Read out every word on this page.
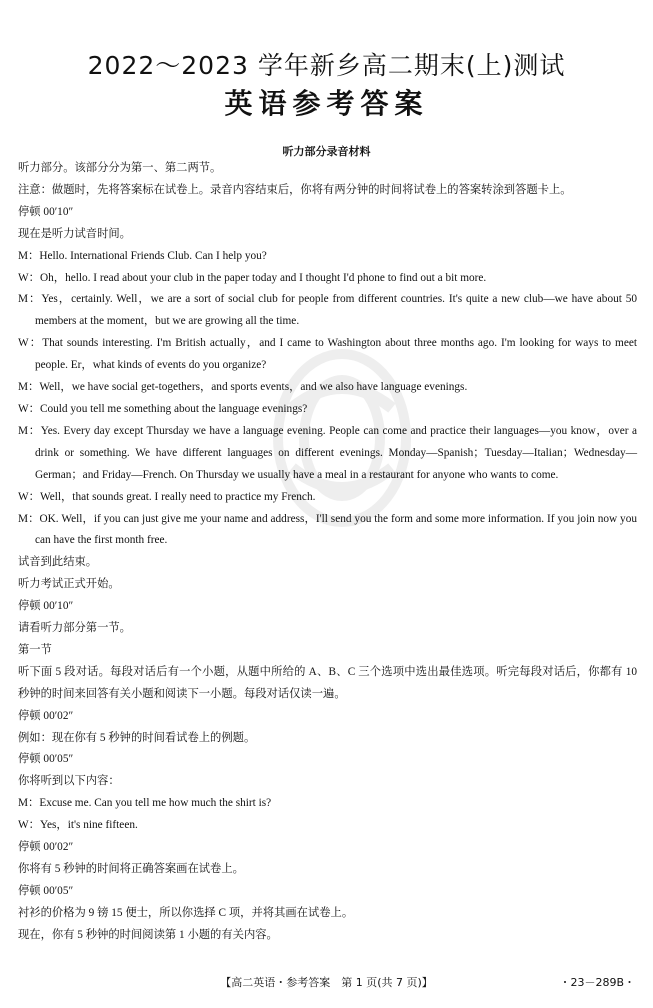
2022～2023 学年新乡高二期末(上)测试
英语参考答案
听力部分录音材料

听力部分。该部分分为第一、第二两节。

注意：做题时，先将答案标在试卷上。录音内容结束后，你将有两分钟的时间将试卷上的答案转涂到答题卡上。

停顿 00′10″

现在是听力试音时间。

M：Hello. International Friends Club. Can I help you?

W：Oh，hello. I read about your club in the paper today and I thought I'd phone to find out a bit more.

M：Yes，certainly. Well，we are a sort of social club for people from different countries. It's quite a new club—we have about 50 members at the moment，but we are growing all the time.

W：That sounds interesting. I'm British actually，and I came to Washington about three months ago. I'm looking for ways to meet people. Er，what kinds of events do you organize?

M：Well，we have social get-togethers，and sports events，and we also have language evenings.

W：Could you tell me something about the language evenings?

M：Yes. Every day except Thursday we have a language evening. People can come and practice their languages—you know，over a drink or something. We have different languages on different evenings. Monday—Spanish；Tuesday—Italian；Wednesday—German；and Friday—French. On Thursday we usually have a meal in a restaurant for anyone who wants to come.

W：Well，that sounds great. I really need to practice my French.

M：OK. Well，if you can just give me your name and address，I'll send you the form and some more information. If you join now you can have the first month free.

试音到此结束。

听力考试正式开始。

停顿 00′10″

请看听力部分第一节。

第一节

听下面 5 段对话。每段对话后有一个小题，从题中所给的 A、B、C 三个选项中选出最佳选项。听完每段对话后，你都有 10 秒钟的时间来回答有关小题和阅读下一小题。每段对话仅读一遍。

停顿 00′02″

例如：现在你有 5 秒钟的时间看试卷上的例题。

停顿 00′05″

你将听到以下内容：

M：Excuse me. Can you tell me how much the shirt is?

W：Yes，it's nine fifteen.

停顿 00′02″

你将有 5 秒钟的时间将正确答案画在试卷上。

停顿 00′05″

衬衫的价格为 9 镑 15 便士，所以你选择 C 项，并将其画在试卷上。

现在，你有 5 秒钟的时间阅读第 1 小题的有关内容。

【高二英语・参考答案　第 1 页(共 7 页)】	・23－289B・
